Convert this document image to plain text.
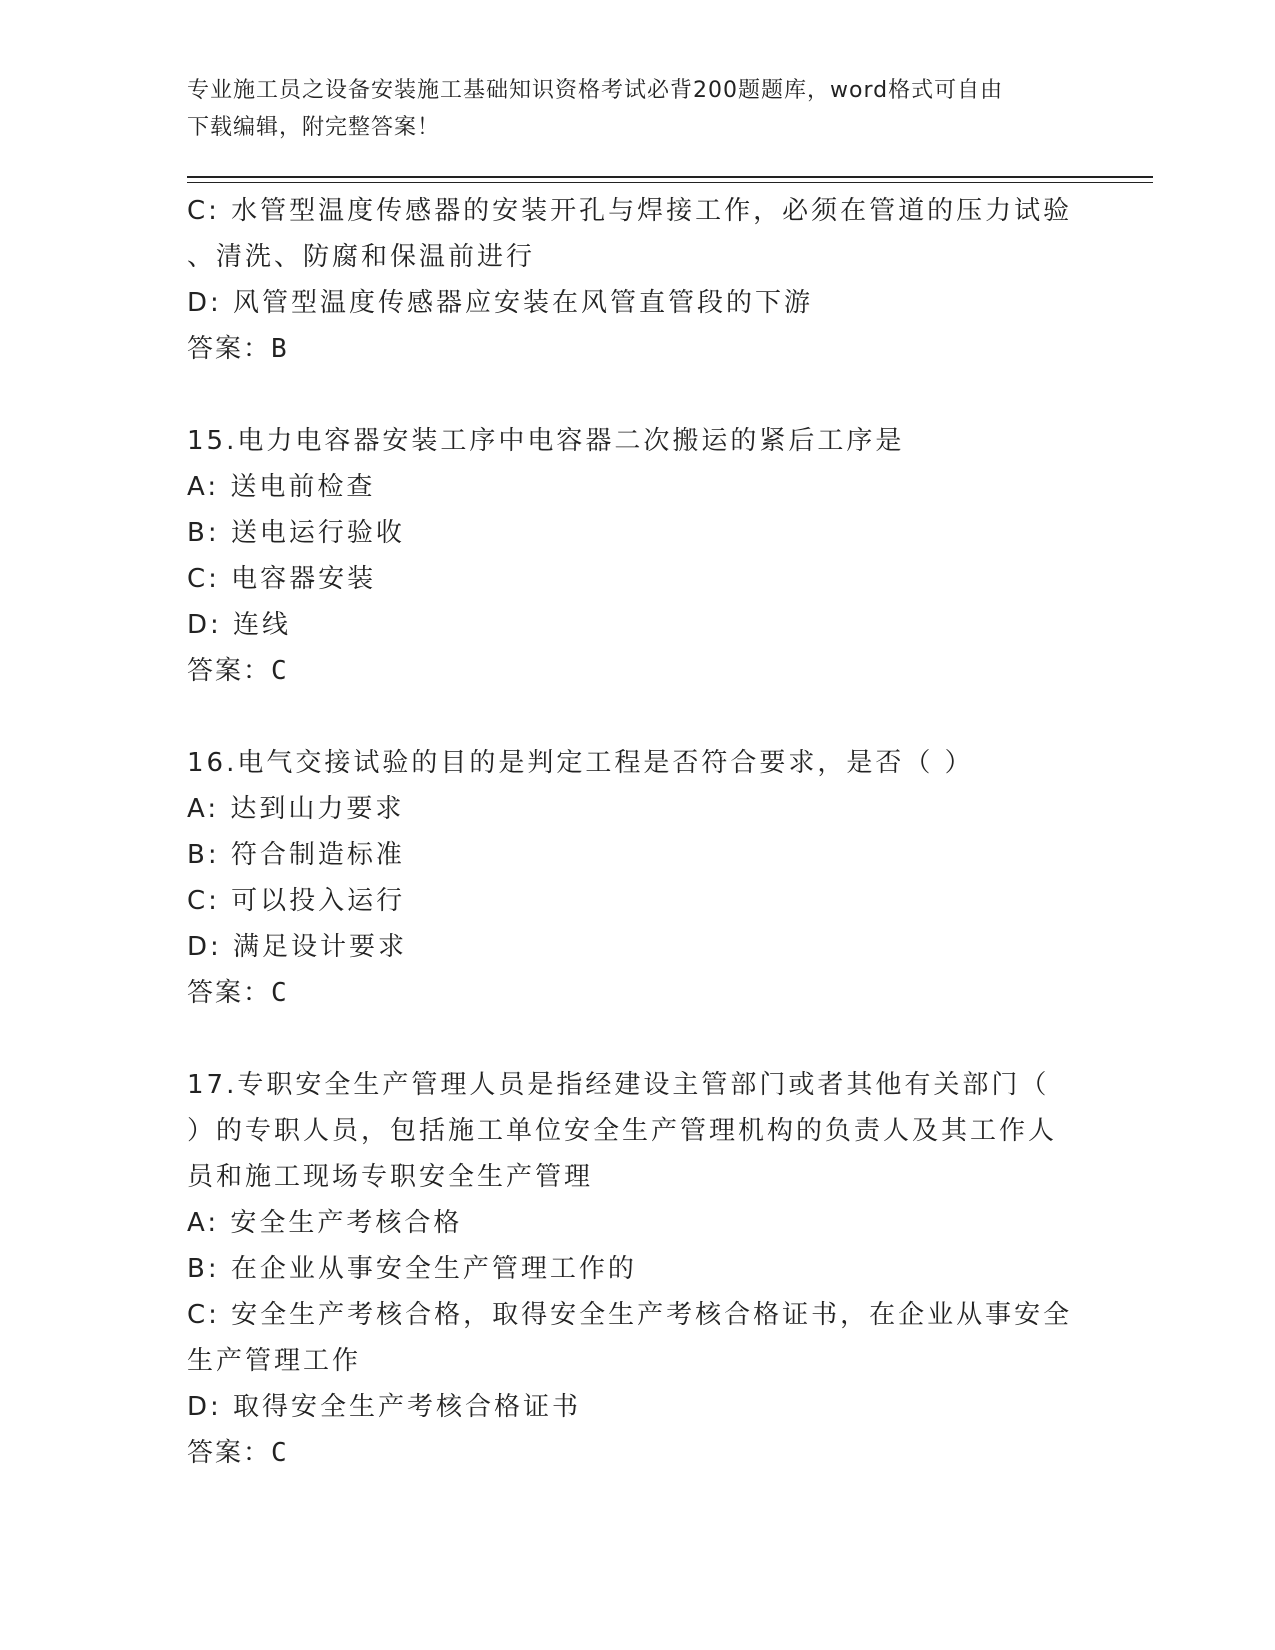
专业施工员之设备安装施工基础知识资格考试必背200题题库，word格式可自由
下载编辑，附完整答案！
C: 水管型温度传感器的安装开孔与焊接工作，必须在管道的压力试验
、清洗、防腐和保温前进行
D: 风管型温度传感器应安装在风管直管段的下游
答案：B
15.电力电容器安装工序中电容器二次搬运的紧后工序是
A: 送电前检查
B: 送电运行验收
C: 电容器安装
D: 连线
答案：C
16.电气交接试验的目的是判定工程是否符合要求，是否（ ）
A: 达到山力要求
B: 符合制造标准
C: 可以投入运行
D: 满足设计要求
答案：C
17.专职安全生产管理人员是指经建设主管部门或者其他有关部门（
）的专职人员，包括施工单位安全生产管理机构的负责人及其工作人
员和施工现场专职安全生产管理
A: 安全生产考核合格
B: 在企业从事安全生产管理工作的
C: 安全生产考核合格，取得安全生产考核合格证书，在企业从事安全
生产管理工作
D: 取得安全生产考核合格证书
答案：C
